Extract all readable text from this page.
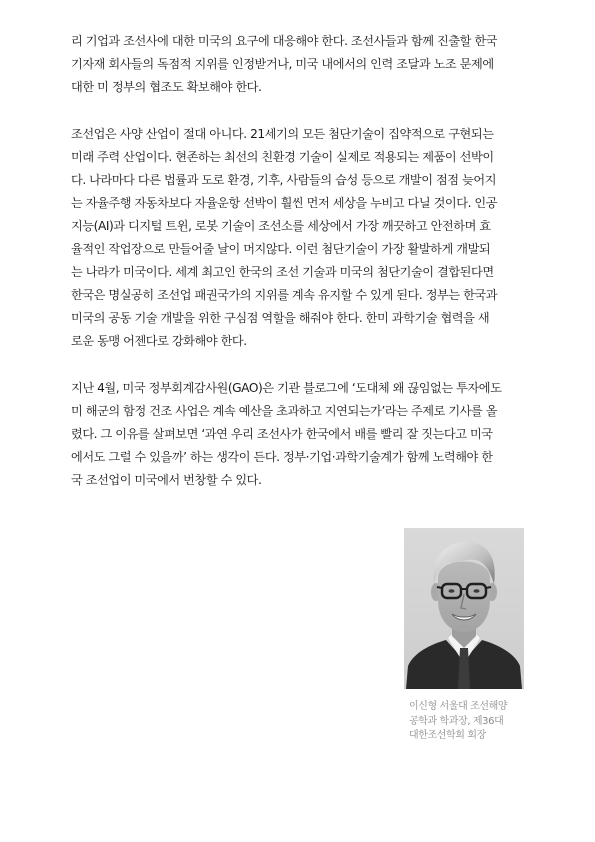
리 기업과 조선사에 대한 미국의 요구에 대응해야 한다. 조선사들과 함께 진출할 한국
기자재 회사들의 독점적 지위를 인정받거나, 미국 내에서의 인력 조달과 노조 문제에
대한 미 정부의 협조도 확보해야 한다.

조선업은 사양 산업이 절대 아니다. 21세기의 모든 첨단기술이 집약적으로 구현되는
미래 주력 산업이다. 현존하는 최선의 친환경 기술이 실제로 적용되는 제품이 선박이
다. 나라마다 다른 법률과 도로 환경, 기후, 사람들의 습성 등으로 개발이 점점 늦어지
는 자율주행 자동차보다 자율운항 선박이 훨씬 먼저 세상을 누비고 다닐 것이다. 인공
지능(AI)과 디지털 트윈, 로봇 기술이 조선소를 세상에서 가장 깨끗하고 안전하며 효
율적인 작업장으로 만들어줄 날이 머지않다. 이런 첨단기술이 가장 활발하게 개발되
는 나라가 미국이다. 세계 최고인 한국의 조선 기술과 미국의 첨단기술이 결합된다면
한국은 명실공히 조선업 패권국가의 지위를 계속 유지할 수 있게 된다. 정부는 한국과
미국의 공동 기술 개발을 위한 구심점 역할을 해줘야 한다. 한미 과학기술 협력을 새
로운 동맹 어젠다로 강화해야 한다.

지난 4월, 미국 정부회계감사원(GAO)은 기관 블로그에 ‘도대체 왜 끊임없는 투자에도
미 해군의 함정 건조 사업은 계속 예산을 초과하고 지연되는가’라는 주제로 기사를 올
렸다. 그 이유를 살펴보면 ‘과연 우리 조선사가 한국에서 배를 빨리 잘 짓는다고 미국
에서도 그럴 수 있을까’ 하는 생각이 든다. 정부·기업·과학기술계가 함께 노력해야 한
국 조선업이 미국에서 번창할 수 있다.

이신형 서울대 조선해양
공학과 학과장, 제36대
대한조선학회 회장
